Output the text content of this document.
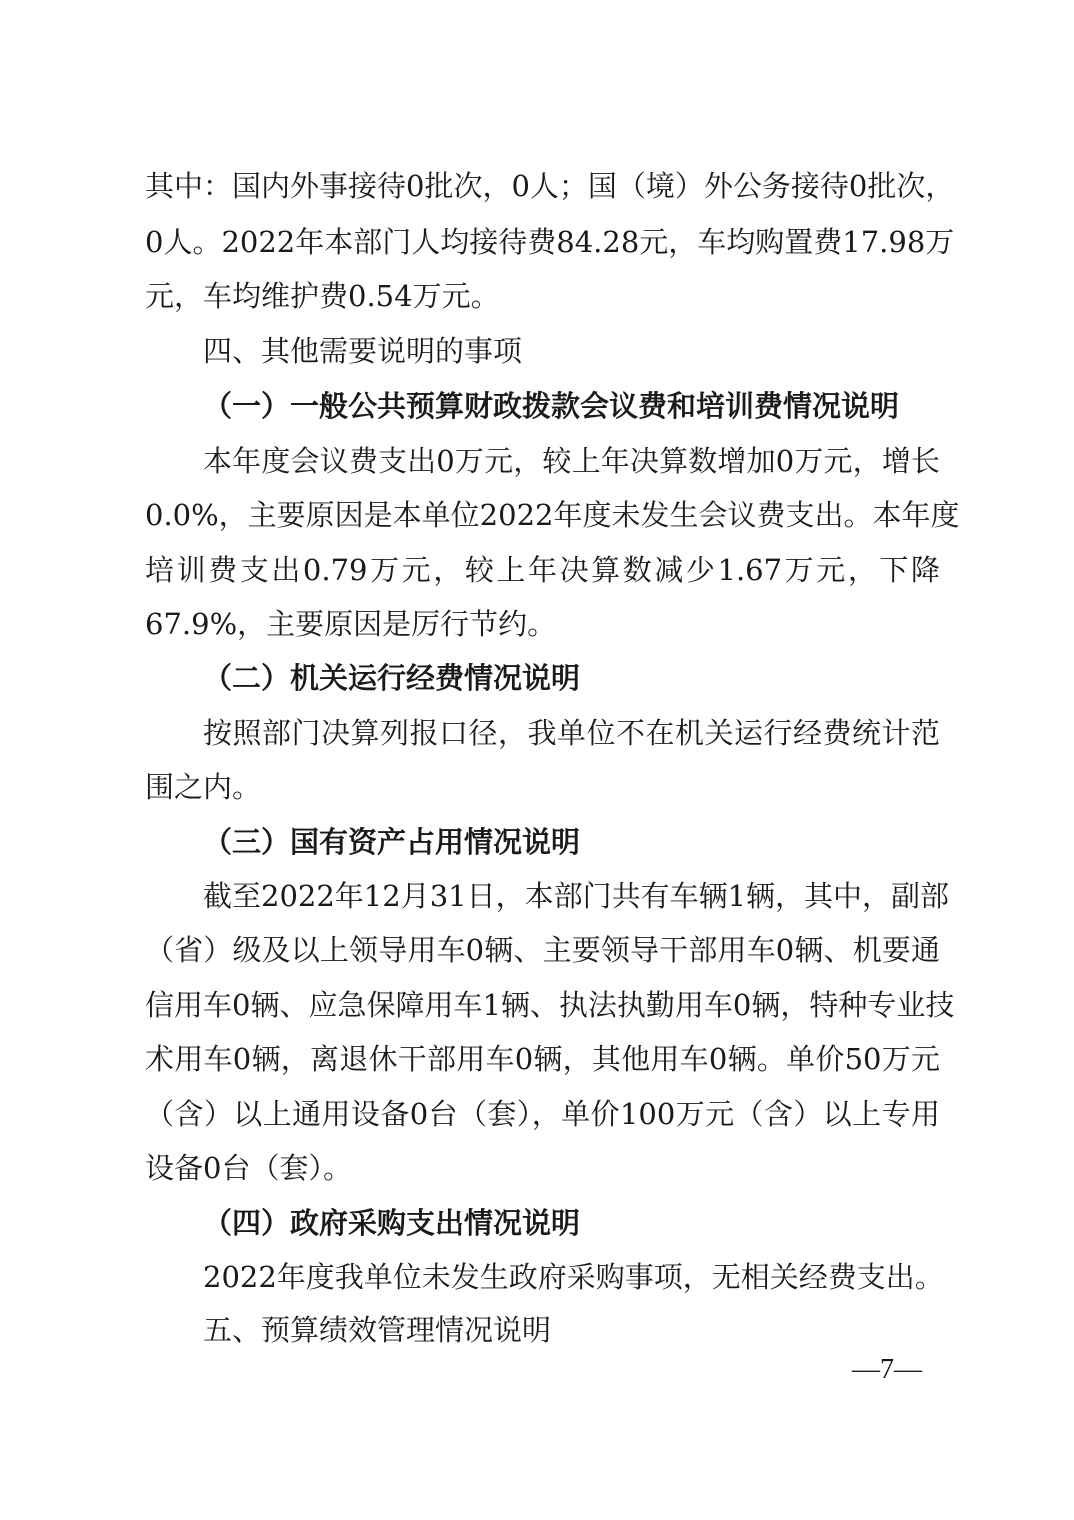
其中：国内外事接待0批次，0人；国（境）外公务接待0批次，
0人。2022年本部门人均接待费84.28元，车均购置费17.98万
元，车均维护费0.54万元。
四、其他需要说明的事项
（一）一般公共预算财政拨款会议费和培训费情况说明
本年度会议费支出0万元，较上年决算数增加0万元，增长
0.0%，主要原因是本单位2022年度未发生会议费支出。本年度
培训费支出0.79万元，较上年决算数减少1.67万元，下降
67.9%，主要原因是厉行节约。
（二）机关运行经费情况说明
按照部门决算列报口径，我单位不在机关运行经费统计范
围之内。
（三）国有资产占用情况说明
截至2022年12月31日，本部门共有车辆1辆，其中，副部
（省）级及以上领导用车0辆、主要领导干部用车0辆、机要通
信用车0辆、应急保障用车1辆、执法执勤用车0辆，特种专业技
术用车0辆，离退休干部用车0辆，其他用车0辆。单价50万元
（含）以上通用设备0台（套），单价100万元（含）以上专用
设备0台（套）。
（四）政府采购支出情况说明
2022年度我单位未发生政府采购事项，无相关经费支出。
五、预算绩效管理情况说明
—7—
